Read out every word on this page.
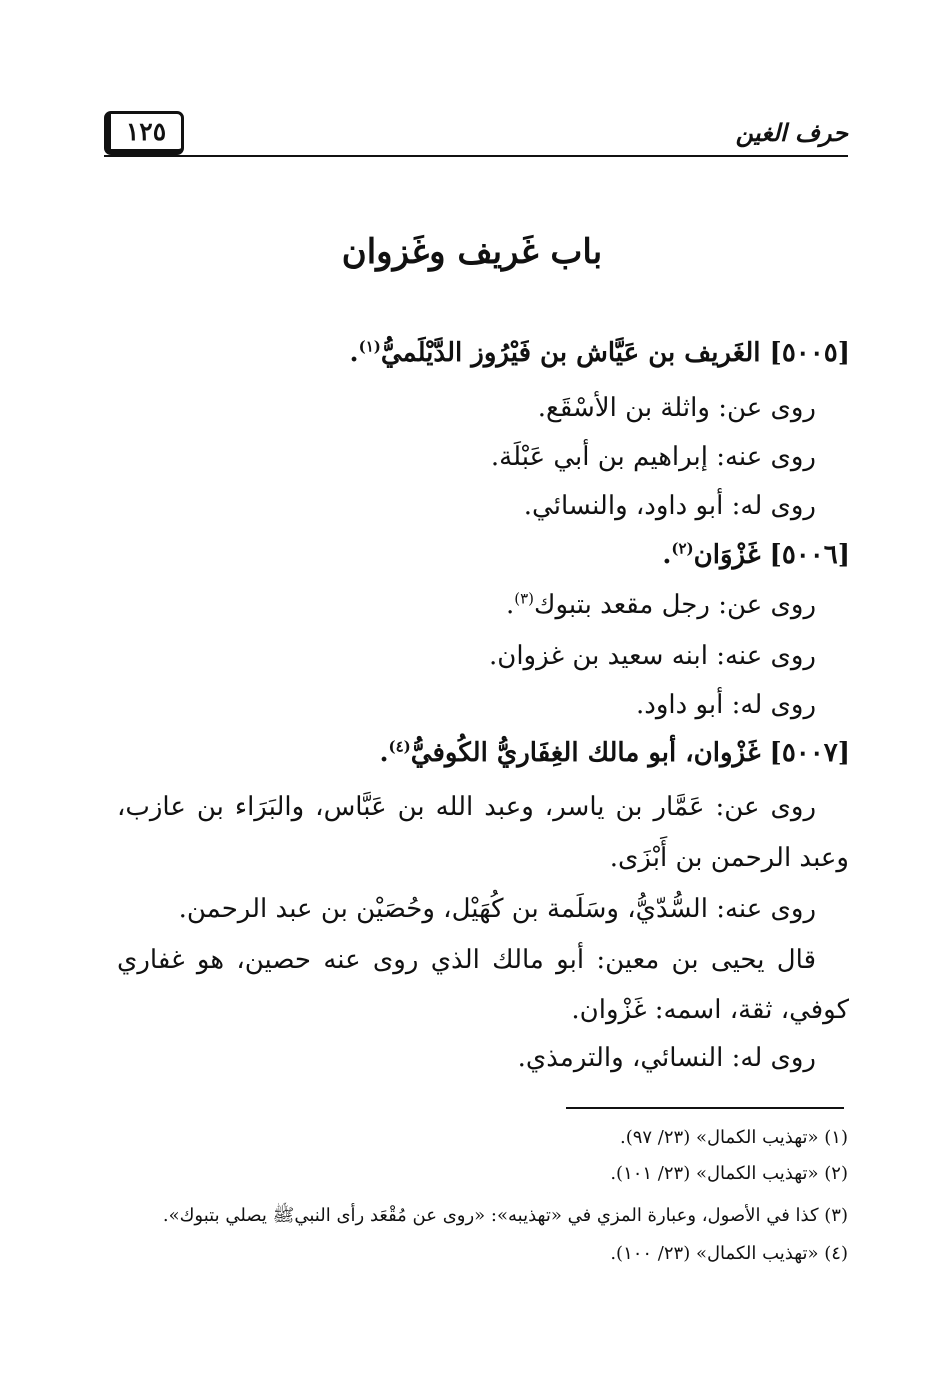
حرف الغين
١٢٥
باب غَريف وغَزوان
[٥٠٠٥] الغَريف بن عَيَّاش بن فَيْرُوز الدَّيْلَميُّ$^{(١)}$.
روى عن: واثلة بن الأسْقَع.
روى عنه: إبراهيم بن أبي عَبْلَة.
روى له: أبو داود، والنسائي.
[٥٠٠٦] غَزْوَان$^{(٢)}$.
روى عن: رجل مقعد بتبوك$^{(٣)}$.
روى عنه: ابنه سعيد بن غزوان.
روى له: أبو داود.
[٥٠٠٧] غَزْوان، أبو مالك الغِفَاريُّ الكُوفيُّ$^{(٤)}$.
روى عن: عَمَّار بن ياسر، وعبد الله بن عَبَّاس، والبَرَاء بن عازب،
وعبد الرحمن بن أَبْزَى.
روى عنه: السُّدّيُّ، وسَلَمة بن كُهَيْل، وحُصَيْن بن عبد الرحمن.
قال يحيى بن معين: أبو مالك الذي روى عنه حصين، هو غفاري
كوفي، ثقة، اسمه: غَزْوان.
روى له: النسائي، والترمذي.
(١) «تهذيب الكمال» (٢٣/ ٩٧).
(٢) «تهذيب الكمال» (٢٣/ ١٠١).
(٣) كذا في الأصول، وعبارة المزي في «تهذيبه»: «روى عن مُقْعَد رأى النبيﷺ يصلي بتبوك».
(٤) «تهذيب الكمال» (٢٣/ ١٠٠).
